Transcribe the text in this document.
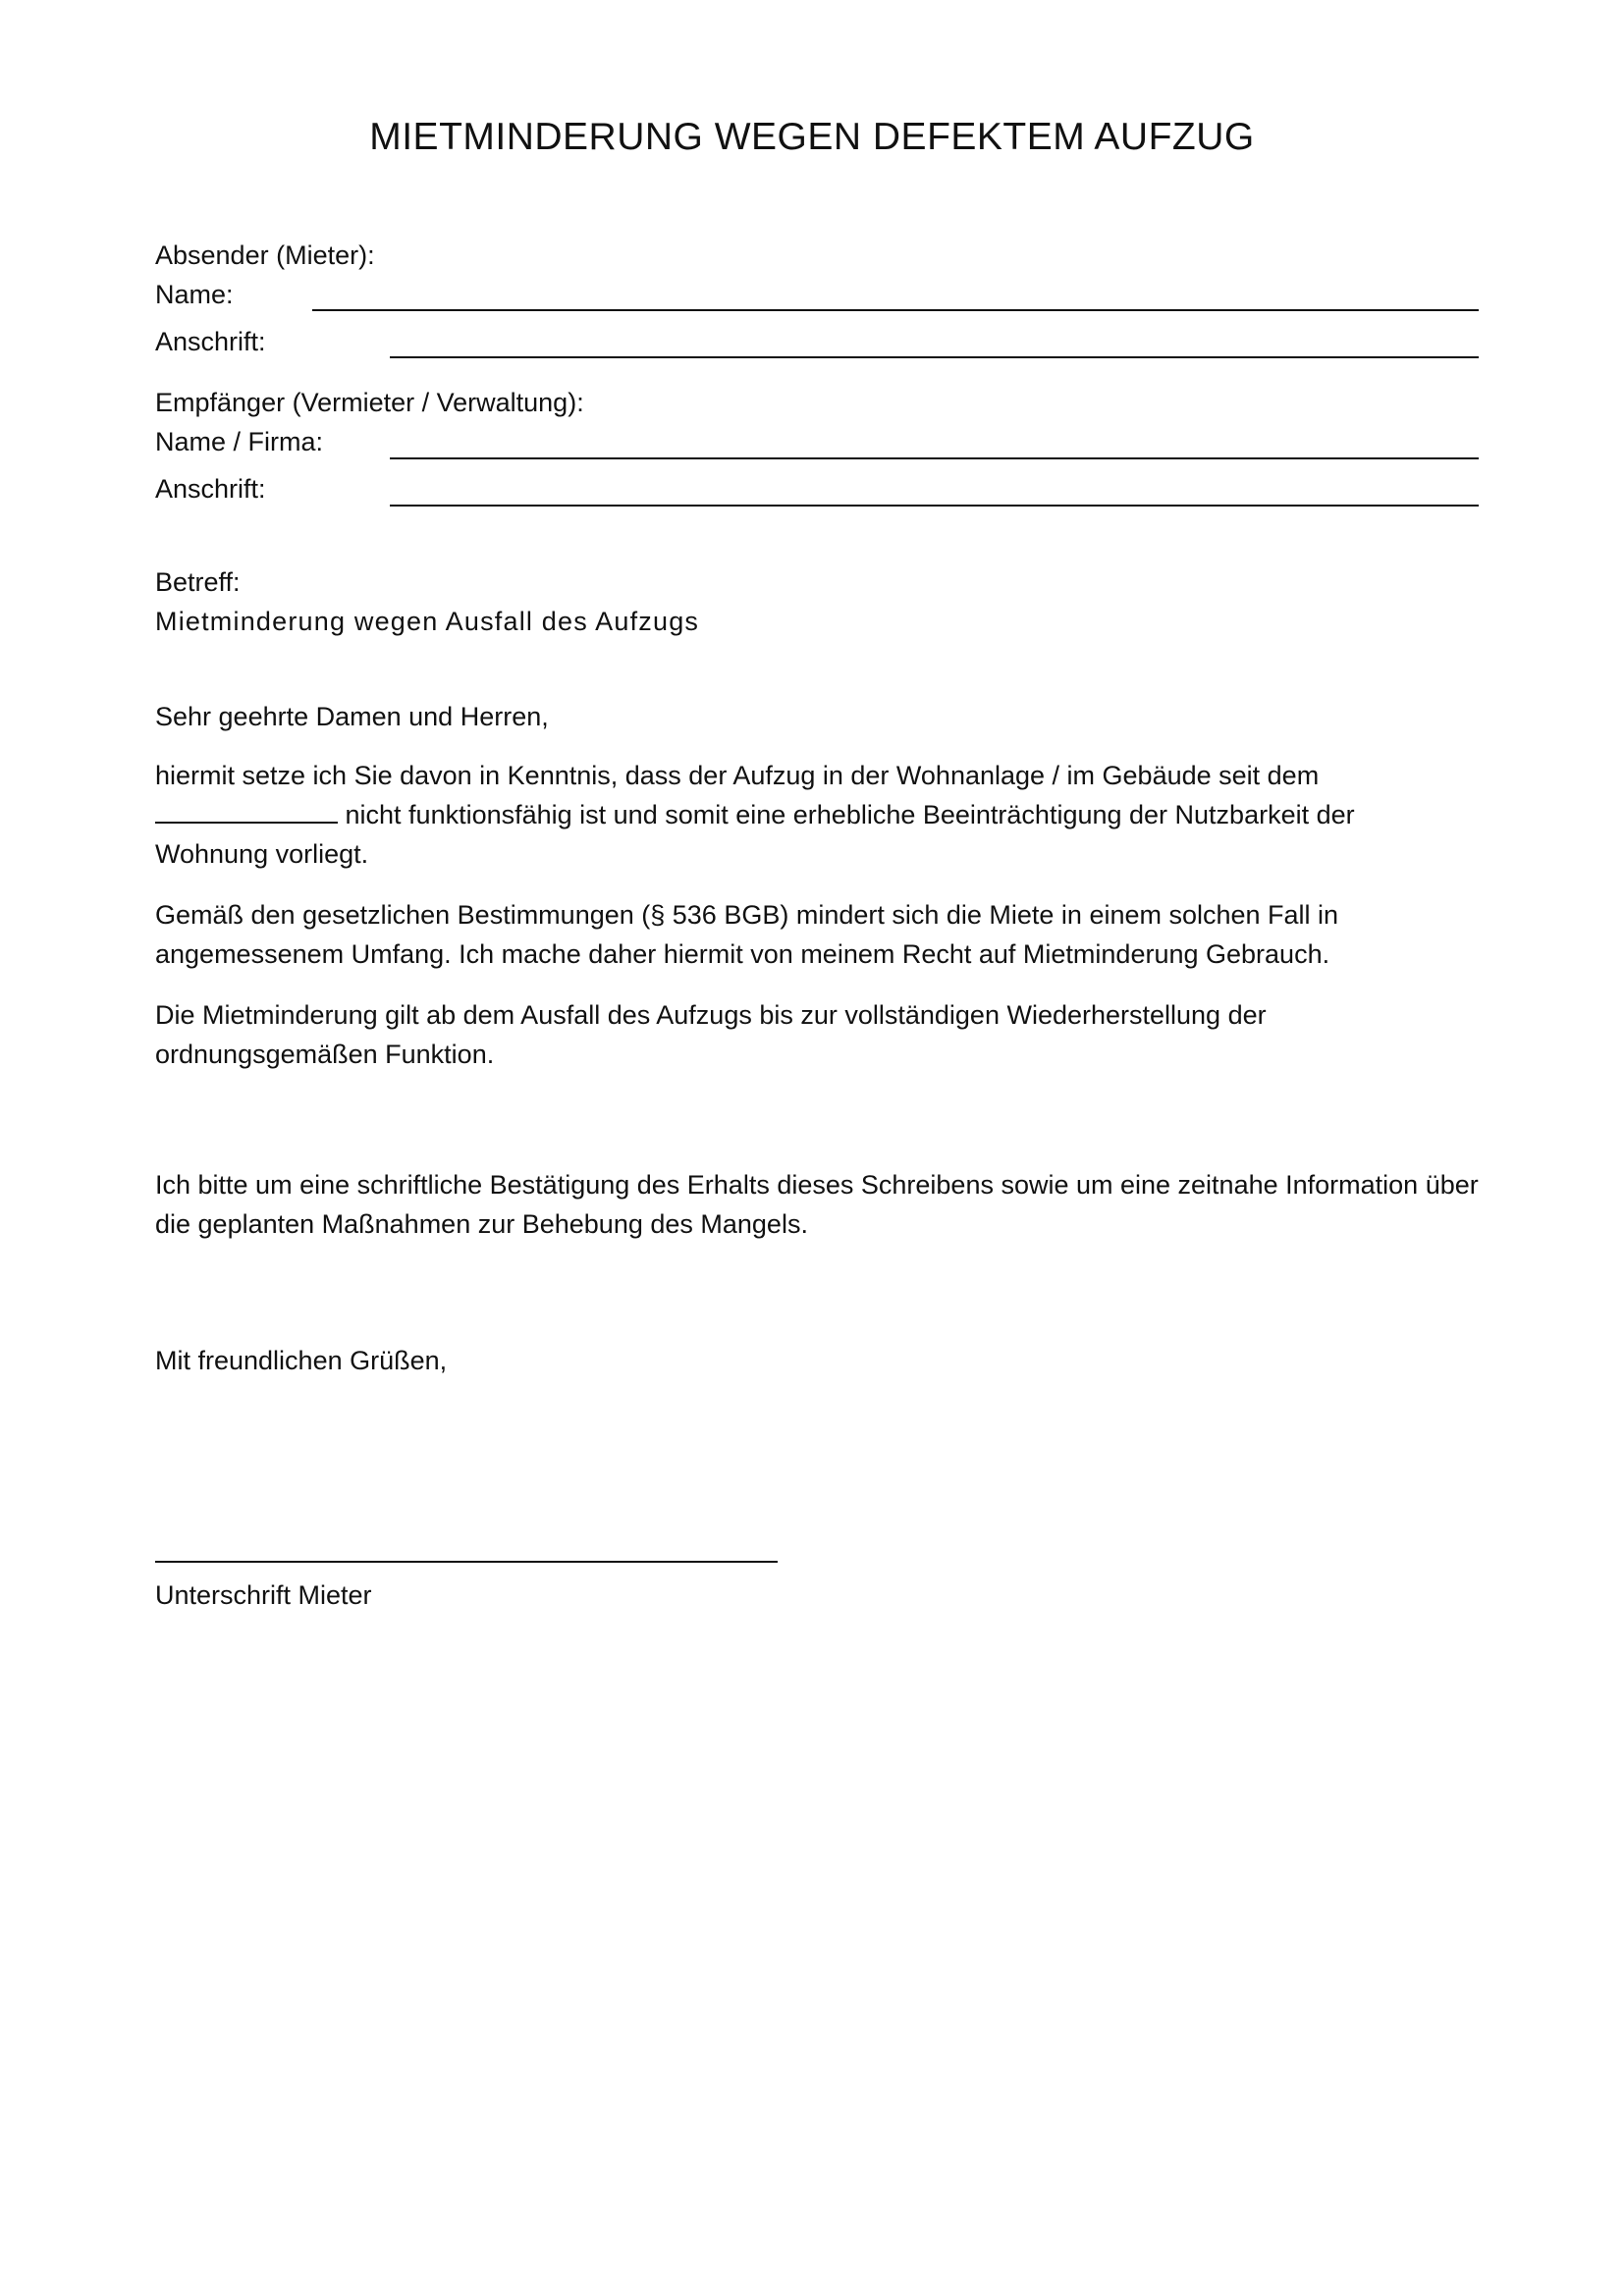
MIETMINDERUNG WEGEN DEFEKTEM AUFZUG
Absender (Mieter):
Name:
Anschrift:
Empfänger (Vermieter / Verwaltung):
Name / Firma:
Anschrift:
Betreff:
Mietminderung wegen Ausfall des Aufzugs
Sehr geehrte Damen und Herren,

hiermit setze ich Sie davon in Kenntnis, dass der Aufzug in der Wohnanlage / im Gebäude seit dem
nicht funktionsfähig ist und somit eine erhebliche Beeinträchtigung der Nutzbarkeit der Wohnung vorliegt.

Gemäß den gesetzlichen Bestimmungen (§ 536 BGB) mindert sich die Miete in einem solchen Fall in angemessenem Umfang. Ich mache daher hiermit von meinem Recht auf Mietminderung Gebrauch.

Die Mietminderung gilt ab dem Ausfall des Aufzugs bis zur vollständigen Wiederherstellung der ordnungsgemäßen Funktion.

Ich bitte um eine schriftliche Bestätigung des Erhalts dieses Schreibens sowie um eine zeitnahe Information über die geplanten Maßnahmen zur Behebung des Mangels.

Mit freundlichen Grüßen,
Unterschrift Mieter
